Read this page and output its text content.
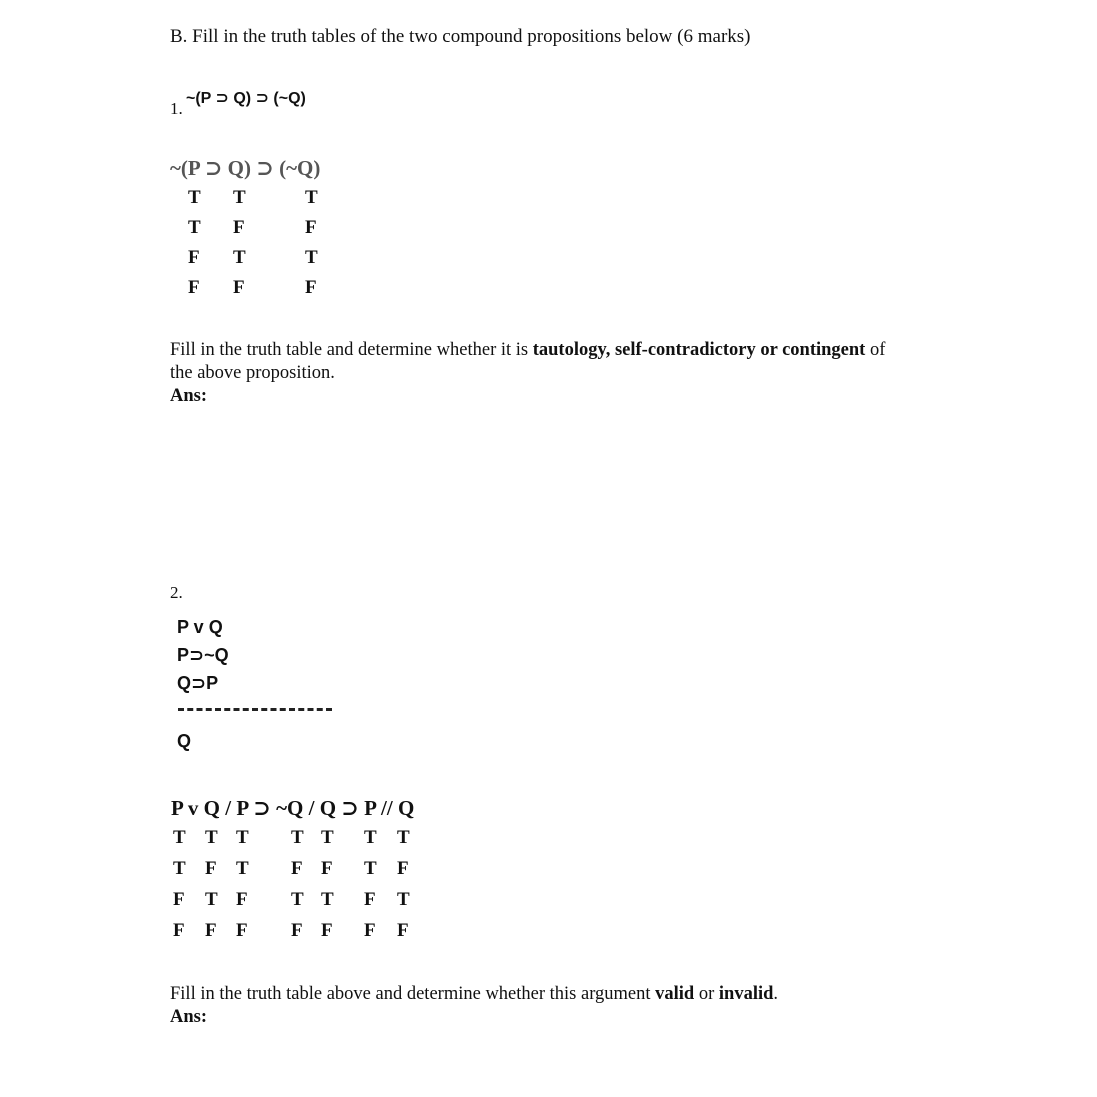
B. Fill in the truth tables of the two compound propositions below (6 marks)
1.
~(P ⊃ Q) ⊃ (~Q)
~(P ⊃ Q) ⊃ (~Q)
T T	T
T F	F
F T	T
F F	F
Fill in the truth table and determine whether it is tautology, self-contradictory or contingent of
the above proposition.
Ans:
2.
P v Q
P⊃~Q
Q⊃P
Q
P v Q / P ⊃ ~Q / Q ⊃ P // Q
T T T T T T T
T F T F F T F
F T F T T F T
F F F F F F F
Fill in the truth table above and determine whether this argument valid or invalid.
Ans:
